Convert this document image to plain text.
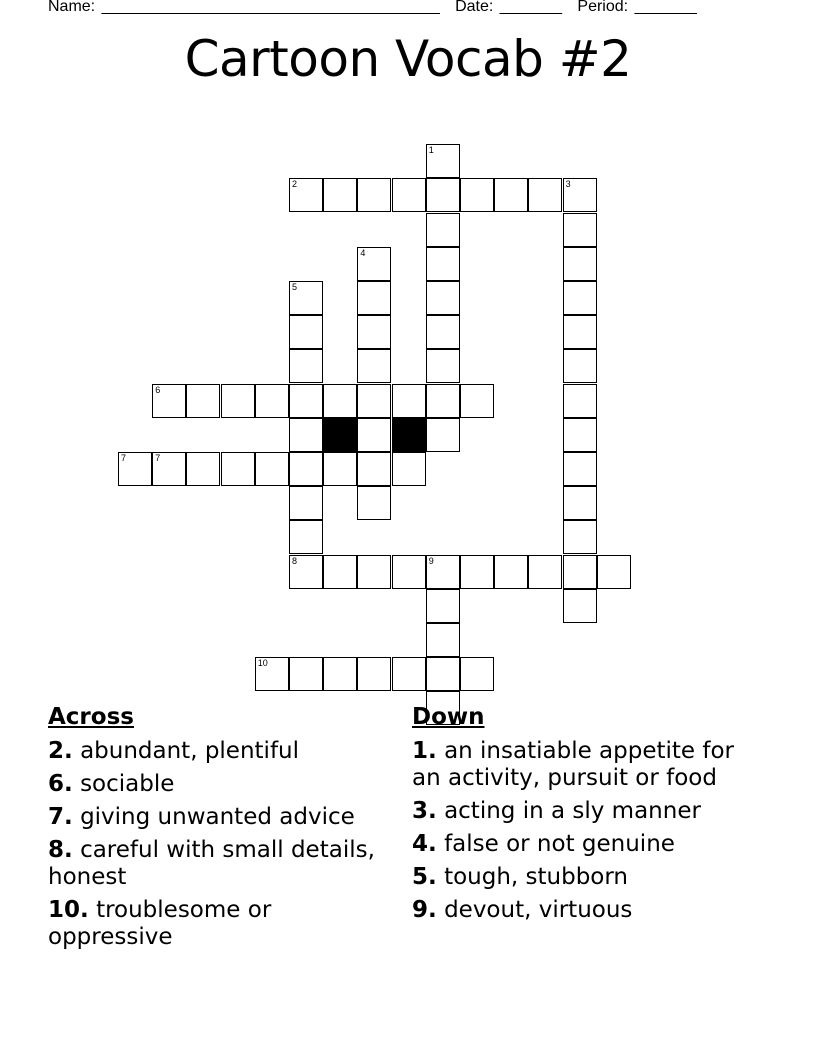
Name: ______________________________________ Date: _______ Period: _______
Cartoon Vocab #2
1
2	3
4
5
8
6
7
7
9
10
Across
2. abundant, plentiful
6. sociable
7. giving unwanted advice
8. careful with small details, honest
10. troublesome or oppressive
Down
1. an insatiable appetite for an activity, pursuit or food
3. acting in a sly manner
4. false or not genuine
5. tough, stubborn
9. devout, virtuous
